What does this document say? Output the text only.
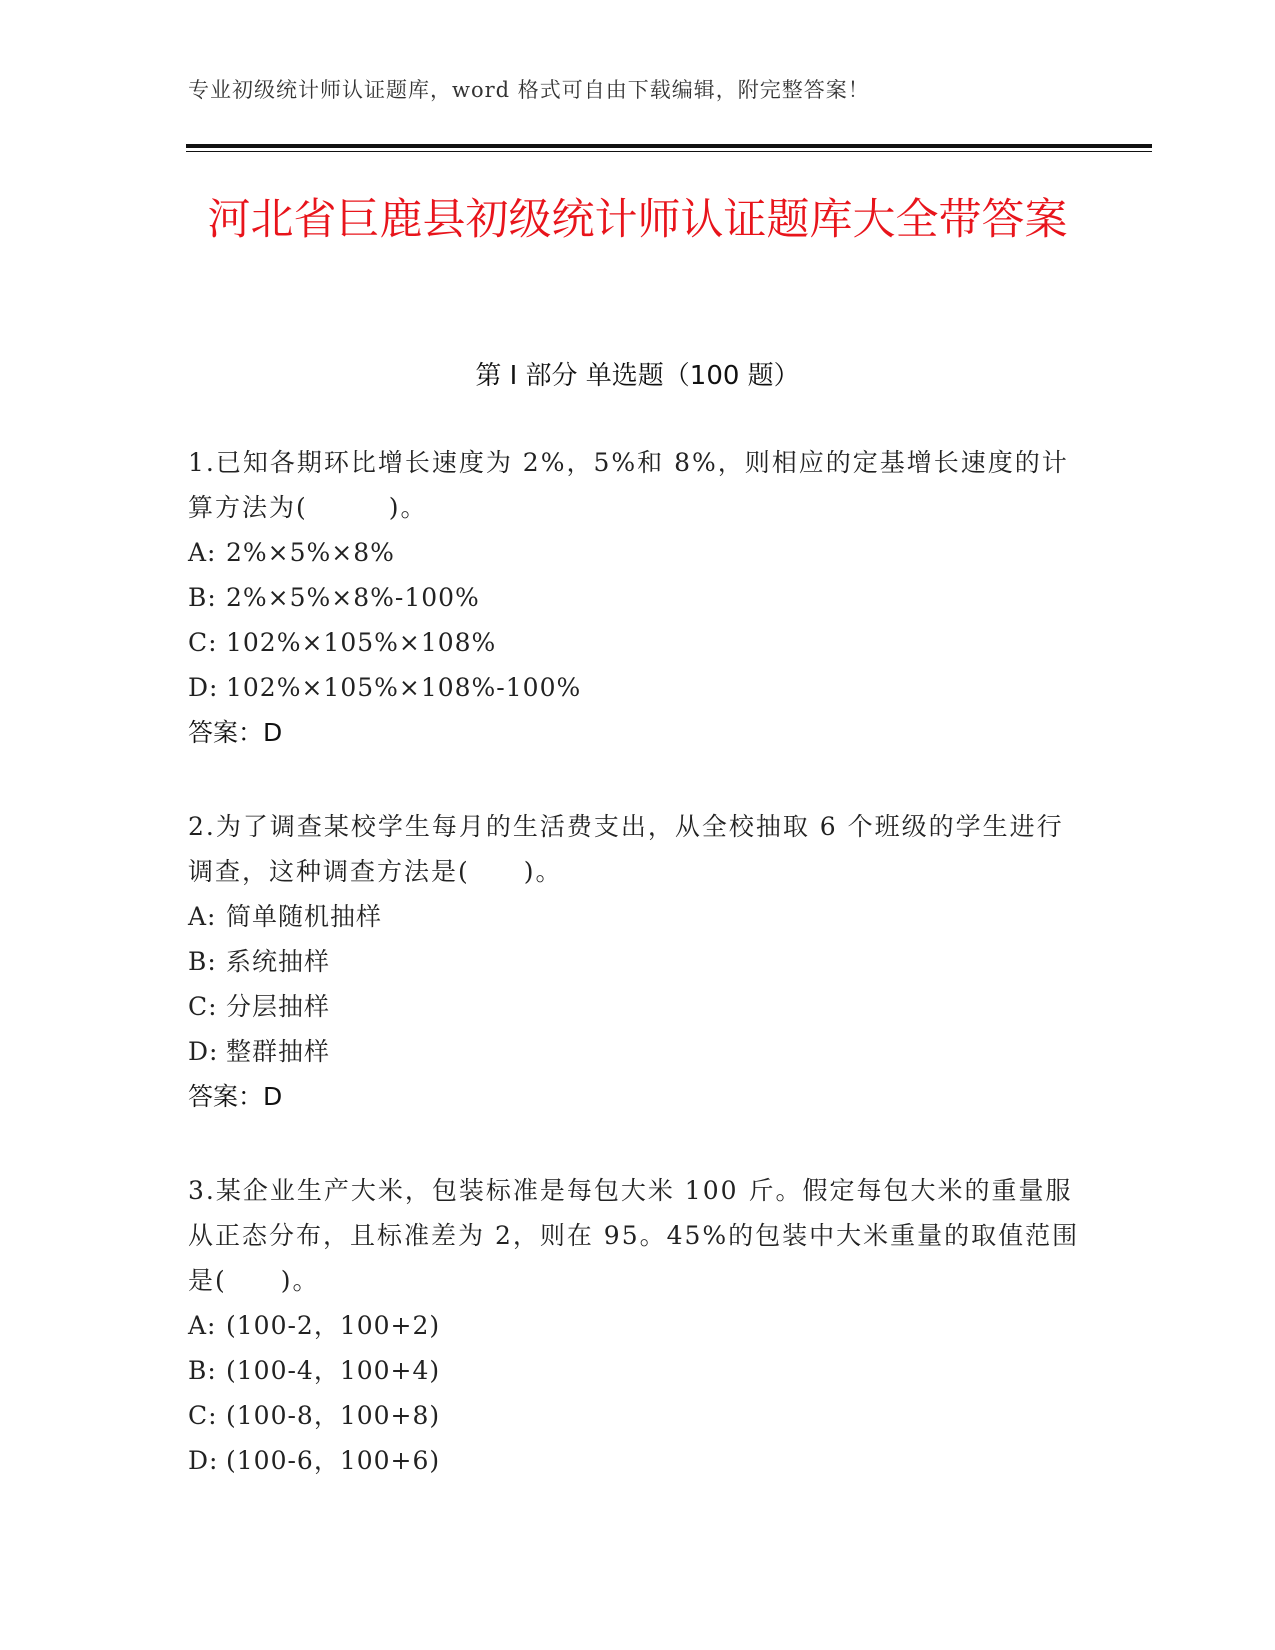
专业初级统计师认证题库，word 格式可自由下载编辑，附完整答案！
河北省巨鹿县初级统计师认证题库大全带答案
第 I 部分 单选题（100 题）

1.已知各期环比增长速度为 2%，5%和 8%，则相应的定基增长速度的计算方法为(　　　)。

A: 2%×5%×8%

B: 2%×5%×8%-100%

C: 102%×105%×108%

D: 102%×105%×108%-100%

答案：D

2.为了调查某校学生每月的生活费支出，从全校抽取 6 个班级的学生进行调查，这种调查方法是(　　)。

A: 简单随机抽样

B: 系统抽样

C: 分层抽样

D: 整群抽样

答案：D

3.某企业生产大米，包装标准是每包大米 100 斤。假定每包大米的重量服从正态分布，且标准差为 2，则在 95。45%的包装中大米重量的取值范围是(　　)。

A: (100-2，100+2)

B: (100-4，100+4)

C: (100-8，100+8)

D: (100-6，100+6)
